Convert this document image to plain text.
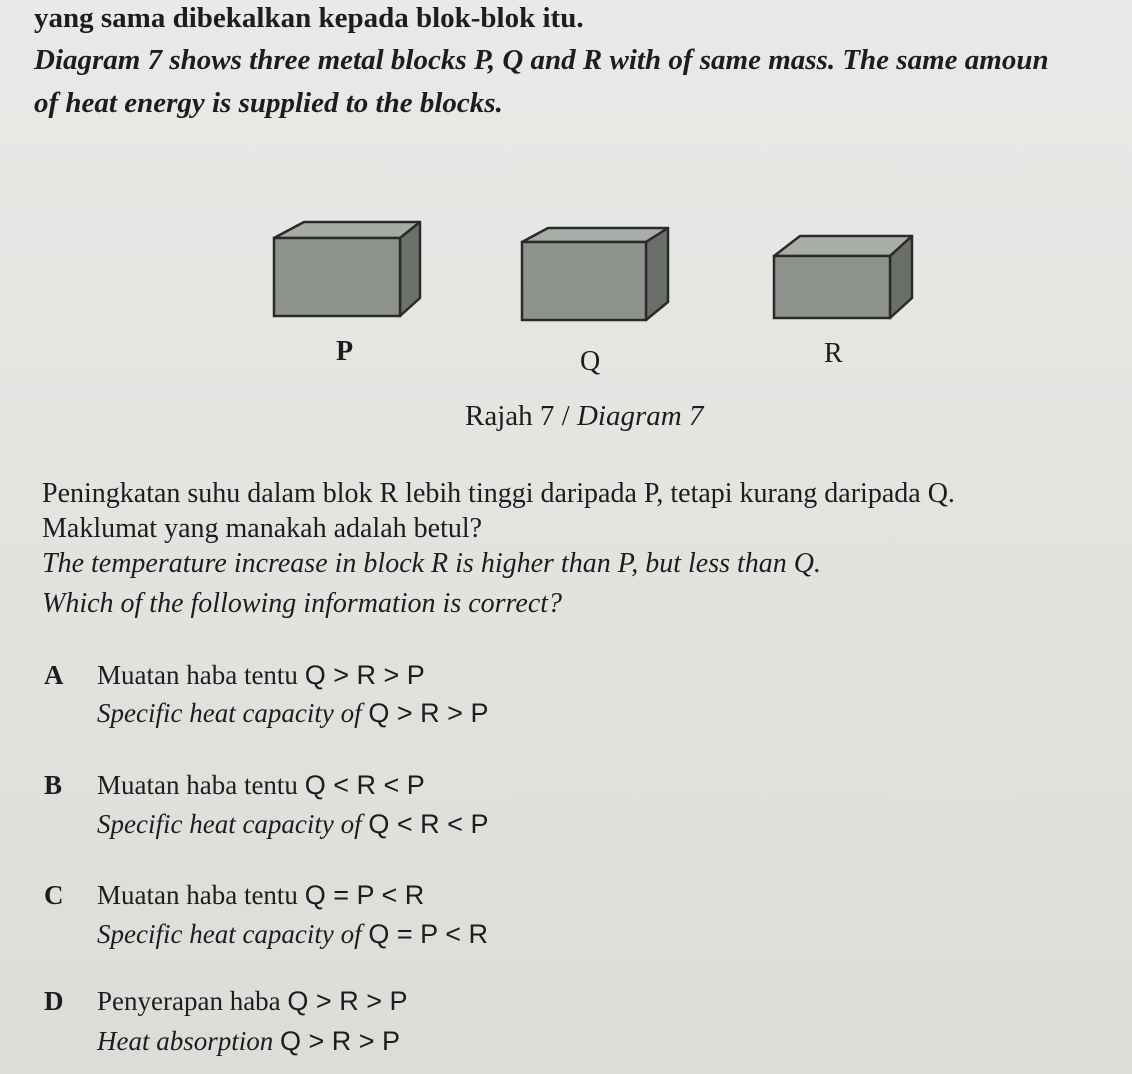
yang sama dibekalkan kepada blok-blok itu.

Diagram 7 shows three metal blocks P, Q and R with of same mass. The same amoun

of heat energy is supplied to the blocks.

P	Q	R

Rajah 7 / Diagram 7

Peningkatan suhu dalam blok R lebih tinggi daripada P, tetapi kurang daripada Q.

Maklumat yang manakah adalah betul?

The temperature increase in block R is higher than P, but less than Q.

Which of the following information is correct?

A Muatan haba tentu Q > R > P
Specific heat capacity of Q > R > P
B Muatan haba tentu Q < R < P
Specific heat capacity of Q < R < P
C Muatan haba tentu Q = P < R
Specific heat capacity of Q = P < R
D Penyerapan haba Q > R > P
Heat absorption Q > R > P
